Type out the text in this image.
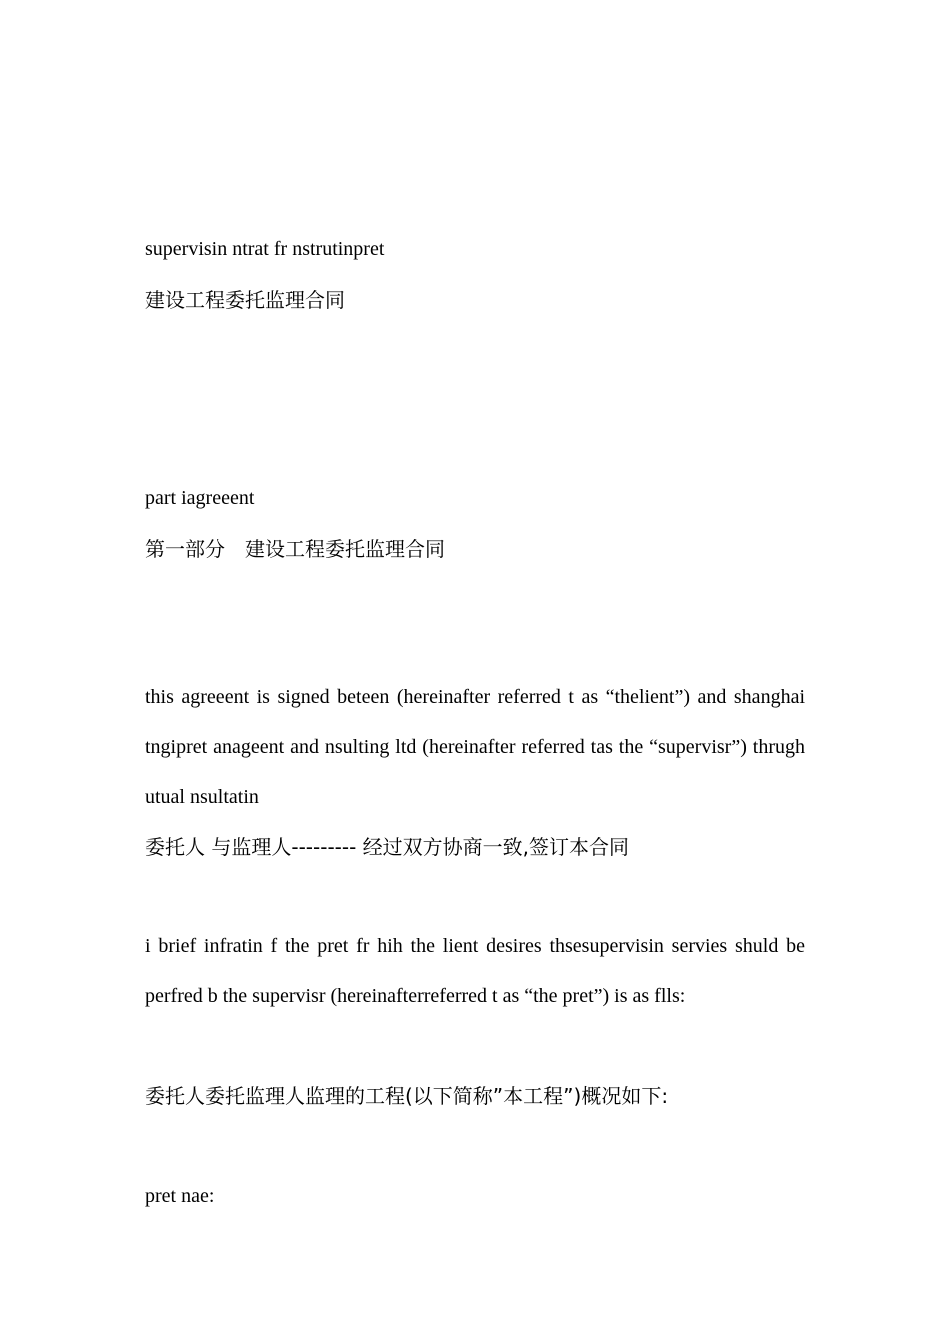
supervisin ntrat fr nstrutinpret

建设工程委托监理合同

part iagreeent

第一部分　建设工程委托监理合同

this agreeent is signed beteen (hereinafter referred t as “thelient”) and shanghai tngipret anageent and nsulting ltd (hereinafter referred tas the “supervisr”) thrugh utual nsultatin

委托人 与监理人--------- 经过双方协商一致,签订本合同

i brief infratin f the pret fr hih the lient desires thsesupervisin servies shuld be perfred b the supervisr (hereinafterreferred t as “the pret”) is as flls:

委托人委托监理人监理的工程(以下简称”本工程”)概况如下:

pret nae:
